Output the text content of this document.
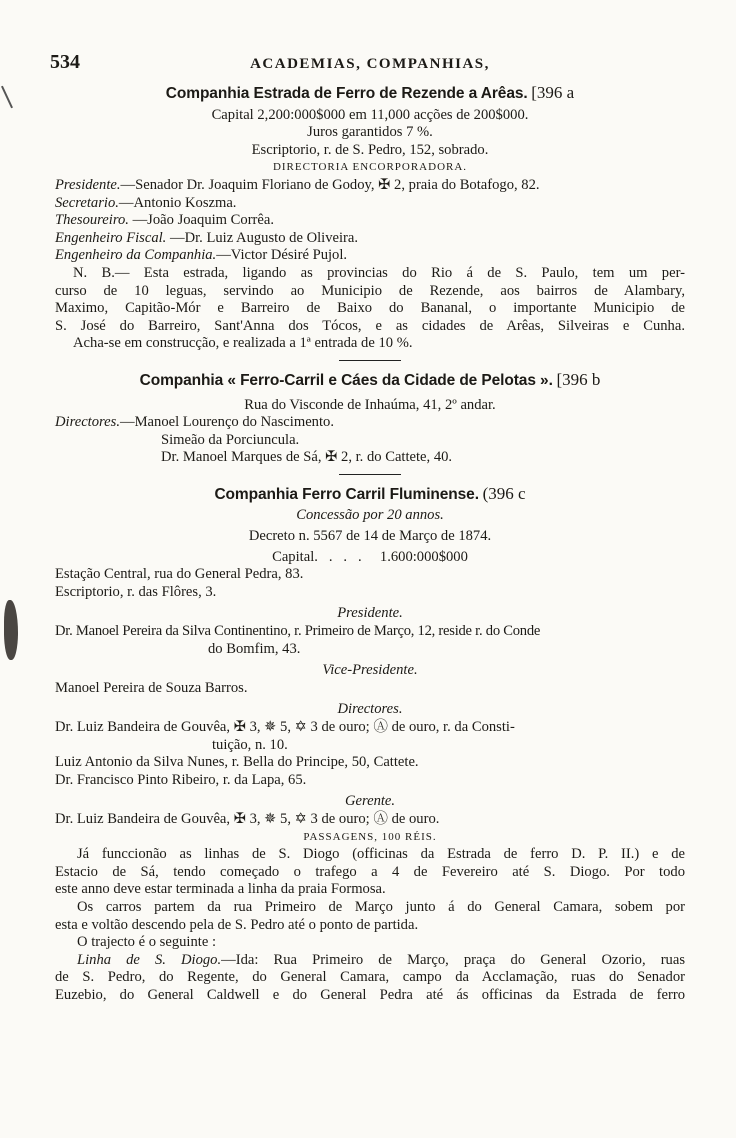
534	ACADEMIAS, COMPANHIAS,
Companhia Estrada de Ferro de Rezende a Arêas. [396 a
Capital 2,200:000$000 em 11,000 acções de 200$000.
Juros garantidos 7 %.
Escriptorio, r. de S. Pedro, 152, sobrado.
DIRECTORIA ENCORPORADORA.
Presidente.—Senador Dr. Joaquim Floriano de Godoy, ✠ 2, praia do Botafogo, 82.
Secretario.—Antonio Koszma.
Thesoureiro. —João Joaquim Corrêa.
Engenheiro Fiscal. —Dr. Luiz Augusto de Oliveira.
Engenheiro da Companhia.—Victor Désiré Pujol.
N. B.— Esta estrada, ligando as provincias do Rio á de S. Paulo, tem um per-
curso de 10 leguas, servindo ao Municipio de Rezende, aos bairros de Alambary,
Maximo, Capitão-Mór e Barreiro de Baixo do Bananal, o importante Municipio de
S. José do Barreiro, Sant'Anna dos Tócos, e as cidades de Arêas, Silveiras e Cunha.
Acha-se em construcção, e realizada a 1ª entrada de 10 %.
Companhia « Ferro-Carril e Cáes da Cidade de Pelotas ». [396 b
Rua do Visconde de Inhaúma, 41, 2º andar.
Directores.—Manoel Lourenço do Nascimento.
Simeão da Porciuncula.
Dr. Manoel Marques de Sá, ✠ 2, r. do Cattete, 40.
Companhia Ferro Carril Fluminense. (396 c
Concessão por 20 annos.
Decreto n. 5567 de 14 de Março de 1874.
Capital.   .   .   .     1.600:000$000
Estação Central, rua do General Pedra, 83.
Escriptorio, r. das Flôres, 3.
Presidente.
Dr. Manoel Pereira da Silva Continentino, r. Primeiro de Março, 12, reside r. do Conde
do Bomfim, 43.
Vice-Presidente.
Manoel Pereira de Souza Barros.
Directores.
Dr. Luiz Bandeira de Gouvêa, ✠ 3, ✵ 5, ✡ 3 de ouro; Ⓐ de ouro, r. da Consti-
tuição, n. 10.
Luiz Antonio da Silva Nunes, r. Bella do Principe, 50, Cattete.
Dr. Francisco Pinto Ribeiro, r. da Lapa, 65.
Gerente.
Dr. Luiz Bandeira de Gouvêa, ✠ 3, ✵ 5, ✡ 3 de ouro; Ⓐ de ouro.
PASSAGENS, 100 RÉIS.
Já funccionão as linhas de S. Diogo (officinas da Estrada de ferro D. P. II.) e de
Estacio de Sá, tendo começado o trafego a 4 de Fevereiro até S. Diogo. Por todo
este anno deve estar terminada a linha da praia Formosa.
Os carros partem da rua Primeiro de Março junto á do General Camara, sobem por
esta e voltão descendo pela de S. Pedro até o ponto de partida.
O trajecto é o seguinte :
Linha de S. Diogo.—Ida: Rua Primeiro de Março, praça do General Ozorio, ruas
de S. Pedro, do Regente, do General Camara, campo da Acclamação, ruas do Senador
Euzebio, do General Caldwell e do General Pedra até ás officinas da Estrada de ferro
